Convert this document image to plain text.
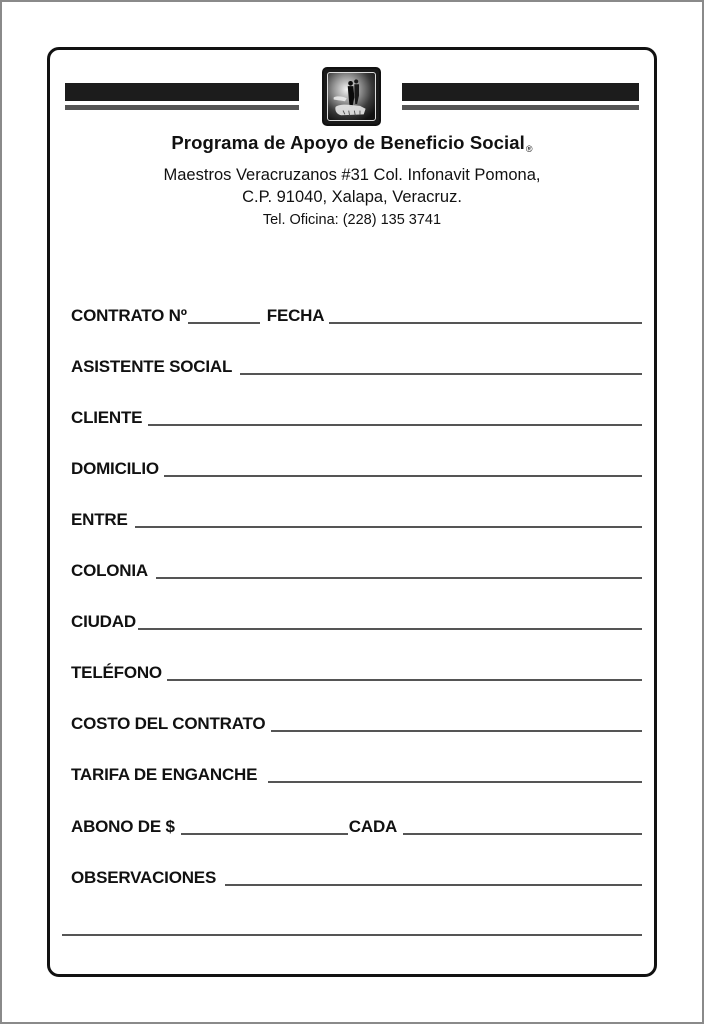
Programa de Apoyo de Beneficio Social®
Maestros Veracruzanos #31 Col. Infonavit Pomona,
C.P. 91040, Xalapa, Veracruz.
Tel. Oficina: (228) 135 3741
CONTRATO Nº	FECHA
ASISTENTE SOCIAL
CLIENTE
DOMICILIO
ENTRE
COLONIA
CIUDAD
TELÉFONO
COSTO DEL CONTRATO
TARIFA DE ENGANCHE
ABONO DE $	CADA
OBSERVACIONES
